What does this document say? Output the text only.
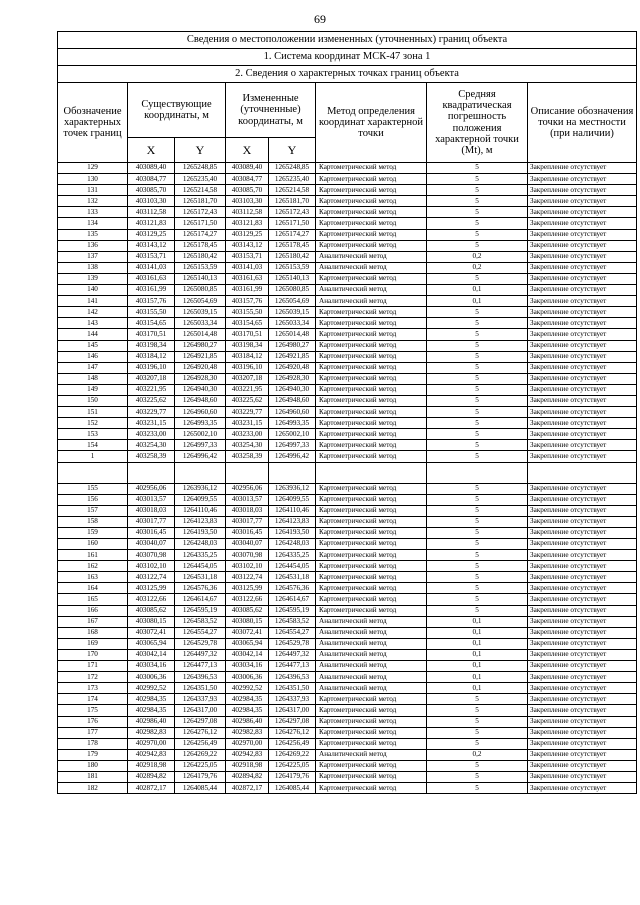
69
Сведения о местоположении измененных (уточненных) границ объекта							
1. Система координат МСК-47 зона 1							
2. Сведения о характерных точках границ объекта							
Обозначение характерных точек границ	Существующие координаты, м		Измененные (уточненные) координаты, м		Метод определения координат характерной точки	Средняя квадратическая погрешность положения характерной точки (Mt), м	Описание обозначения точки на местности (при наличии)
	X	Y	X	Y			
129	403089,40	1265248,85	403089,40	1265248,85	Картометрический метод	5	Закрепление отсутствует
130	403084,77	1265235,40	403084,77	1265235,40	Картометрический метод	5	Закрепление отсутствует
131	403085,70	1265214,58	403085,70	1265214,58	Картометрический метод	5	Закрепление отсутствует
132	403103,30	1265181,70	403103,30	1265181,70	Картометрический метод	5	Закрепление отсутствует
133	403112,58	1265172,43	403112,58	1265172,43	Картометрический метод	5	Закрепление отсутствует
134	403121,83	1265171,50	403121,83	1265171,50	Картометрический метод	5	Закрепление отсутствует
135	403129,25	1265174,27	403129,25	1265174,27	Картометрический метод	5	Закрепление отсутствует
136	403143,12	1265178,45	403143,12	1265178,45	Картометрический метод	5	Закрепление отсутствует
137	403153,71	1265180,42	403153,71	1265180,42	Аналитический метод	0,2	Закрепление отсутствует
138	403141,03	1265153,59	403141,03	1265153,59	Аналитический метод	0,2	Закрепление отсутствует
139	403161,63	1265140,13	403161,63	1265140,13	Картометрический метод	5	Закрепление отсутствует
140	403161,99	1265080,85	403161,99	1265080,85	Аналитический метод	0,1	Закрепление отсутствует
141	403157,76	1265054,69	403157,76	1265054,69	Аналитический метод	0,1	Закрепление отсутствует
142	403155,50	1265039,15	403155,50	1265039,15	Картометрический метод	5	Закрепление отсутствует
143	403154,65	1265033,34	403154,65	1265033,34	Картометрический метод	5	Закрепление отсутствует
144	403170,51	1265014,48	403170,51	1265014,48	Картометрический метод	5	Закрепление отсутствует
145	403198,34	1264980,27	403198,34	1264980,27	Картометрический метод	5	Закрепление отсутствует
146	403184,12	1264921,85	403184,12	1264921,85	Картометрический метод	5	Закрепление отсутствует
147	403196,10	1264920,48	403196,10	1264920,48	Картометрический метод	5	Закрепление отсутствует
148	403207,18	1264928,30	403207,18	1264928,30	Картометрический метод	5	Закрепление отсутствует
149	403221,95	1264940,30	403221,95	1264940,30	Картометрический метод	5	Закрепление отсутствует
150	403225,62	1264948,60	403225,62	1264948,60	Картометрический метод	5	Закрепление отсутствует
151	403229,77	1264960,60	403229,77	1264960,60	Картометрический метод	5	Закрепление отсутствует
152	403231,15	1264993,35	403231,15	1264993,35	Картометрический метод	5	Закрепление отсутствует
153	403233,00	1265002,10	403233,00	1265002,10	Картометрический метод	5	Закрепление отсутствует
154	403254,30	1264997,33	403254,30	1264997,33	Картометрический метод	5	Закрепление отсутствует
1	403258,39	1264996,42	403258,39	1264996,42	Картометрический метод	5	Закрепление отсутствует

155	402956,06	1263936,12	402956,06	1263936,12	Картометрический метод	5	Закрепление отсутствует
156	403013,57	1264099,55	403013,57	1264099,55	Картометрический метод	5	Закрепление отсутствует
157	403018,03	1264110,46	403018,03	1264110,46	Картометрический метод	5	Закрепление отсутствует
158	403017,77	1264123,83	403017,77	1264123,83	Картометрический метод	5	Закрепление отсутствует
159	403016,45	1264193,50	403016,45	1264193,50	Картометрический метод	5	Закрепление отсутствует
160	403040,07	1264248,03	403040,07	1264248,03	Картометрический метод	5	Закрепление отсутствует
161	403070,98	1264335,25	403070,98	1264335,25	Картометрический метод	5	Закрепление отсутствует
162	403102,10	1264454,05	403102,10	1264454,05	Картометрический метод	5	Закрепление отсутствует
163	403122,74	1264531,18	403122,74	1264531,18	Картометрический метод	5	Закрепление отсутствует
164	403125,99	1264576,36	403125,99	1264576,36	Картометрический метод	5	Закрепление отсутствует
165	403122,66	1264614,67	403122,66	1264614,67	Картометрический метод	5	Закрепление отсутствует
166	403085,62	1264595,19	403085,62	1264595,19	Картометрический метод	5	Закрепление отсутствует
167	403080,15	1264583,52	403080,15	1264583,52	Аналитический метод	0,1	Закрепление отсутствует
168	403072,41	1264554,27	403072,41	1264554,27	Аналитический метод	0,1	Закрепление отсутствует
169	403065,94	1264529,78	403065,94	1264529,78	Аналитический метод	0,1	Закрепление отсутствует
170	403042,14	1264497,32	403042,14	1264497,32	Аналитический метод	0,1	Закрепление отсутствует
171	403034,16	1264477,13	403034,16	1264477,13	Аналитический метод	0,1	Закрепление отсутствует
172	403006,36	1264396,53	403006,36	1264396,53	Аналитический метод	0,1	Закрепление отсутствует
173	402992,52	1264351,50	402992,52	1264351,50	Аналитический метод	0,1	Закрепление отсутствует
174	402984,35	1264337,93	402984,35	1264337,93	Картометрический метод	5	Закрепление отсутствует
175	402984,35	1264317,00	402984,35	1264317,00	Картометрический метод	5	Закрепление отсутствует
176	402986,40	1264297,08	402986,40	1264297,08	Картометрический метод	5	Закрепление отсутствует
177	402982,83	1264276,12	402982,83	1264276,12	Картометрический метод	5	Закрепление отсутствует
178	402970,00	1264256,49	402970,00	1264256,49	Картометрический метод	5	Закрепление отсутствует
179	402942,83	1264269,22	402942,83	1264269,22	Аналитический метод	0,2	Закрепление отсутствует
180	402918,98	1264225,05	402918,98	1264225,05	Картометрический метод	5	Закрепление отсутствует
181	402894,82	1264179,76	402894,82	1264179,76	Картометрический метод	5	Закрепление отсутствует
182	402872,17	1264085,44	402872,17	1264085,44	Картометрический метод	5	Закрепление отсутствует
